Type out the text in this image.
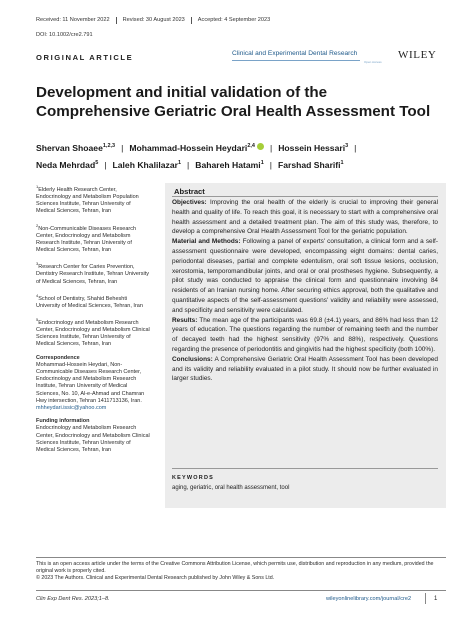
Received: 11 November 2022	Revised: 30 August 2023	Accepted: 4 September 2023
DOI: 10.1002/cre2.791
ORIGINAL ARTICLE	Clinical and Experimental Dental Research
Open Access
WILEY
Development and initial validation of the Comprehensive Geriatric Oral Health Assessment Tool
Shervan Shoaee$^{1,2,3}$ | Mohammad-Hossein Heydari$^{2,4}$ | Hossein Hessari$^3$ |
Neda Mehrdad$^5$ | Laleh Khalilazar$^1$ | Bahareh Hatami$^1$ | Farshad Sharifi$^1$

$^1$Elderly Health Research Center, Endocrinology and Metabolism Population Sciences Institute, Tehran University of Medical Sciences, Tehran, Iran

$^2$Non-Communicable Diseases Research Center, Endocrinology and Metabolism Research Institute, Tehran University of Medical Sciences, Tehran, Iran

$^3$Research Center for Caries Prevention, Dentistry Research Institute, Tehran University of Medical Sciences, Tehran, Iran

$^4$School of Dentistry, Shahid Beheshti University of Medical Sciences, Tehran, Iran

$^5$Endocrinology and Metabolism Research Center, Endocrinology and Metabolism Clinical Sciences Institute, Tehran University of Medical Sciences, Tehran, Iran

Correspondence

Mohammad-Hossein Heydari, Non-Communicable Diseases Research Center, Endocrinology and Metabolism Research Institute, Tehran University of Medical Sciences, No. 10, Al-e-Ahmad and Chamran Hwy intersection, Tehran 1411713136, Iran.
mhheydari.issic@yahoo.com

Funding information

Endocrinology and Metabolism Research Center, Endocrinology and Metabolism Clinical Sciences Institute, Tehran University of Medical Sciences, Tehran, Iran

Abstract

Objectives: Improving the oral health of the elderly is crucial to improving their general health and quality of life. To reach this goal, it is necessary to start with a comprehensive oral health assessment and a detailed treatment plan. The aim of this study was, therefore, to develop a comprehensive Oral Health Assessment Tool for the geriatric population.

Material and Methods: Following a panel of experts' consultation, a clinical form and a self-assessment questionnaire were developed, encompassing eight domains: dental caries, periodontal diseases, partial and complete edentulism, oral soft tissue lesions, occlusion, xerostomia, temporomandibular joints, and oral or oral prostheses hygiene. Subsequently, a pilot study was conducted to appraise the clinical form and questionnaire involving 84 residents of an Iranian nursing home. After securing ethics approval, both the qualitative and quantitative aspects of the self-assessment questions' validity and reliability were assessed, and specificity and sensitivity were calculated.

Results: The mean age of the participants was 69.8 (±4.1) years, and 86% had less than 12 years of education. The questions regarding the number of remaining teeth and the number of decayed teeth had the highest sensitivity (97% and 88%), respectively. Questions regarding the presence of periodontitis and gingivitis had the highest specificity (both 100%).

Conclusions: A Comprehensive Geriatric Oral Health Assessment Tool has been developed and its validity and reliability evaluated in a pilot study. It should now be further evaluated in larger studies.

KEYWORDS
aging, geriatric, oral health assessment, tool

This is an open access article under the terms of the Creative Commons Attribution License, which permits use, distribution and reproduction in any medium, provided the original work is properly cited.

© 2023 The Authors. Clinical and Experimental Dental Research published by John Wiley & Sons Ltd.

Clin Exp Dent Res. 2023;1–8.	wileyonlinelibrary.com/journal/cre2	1
